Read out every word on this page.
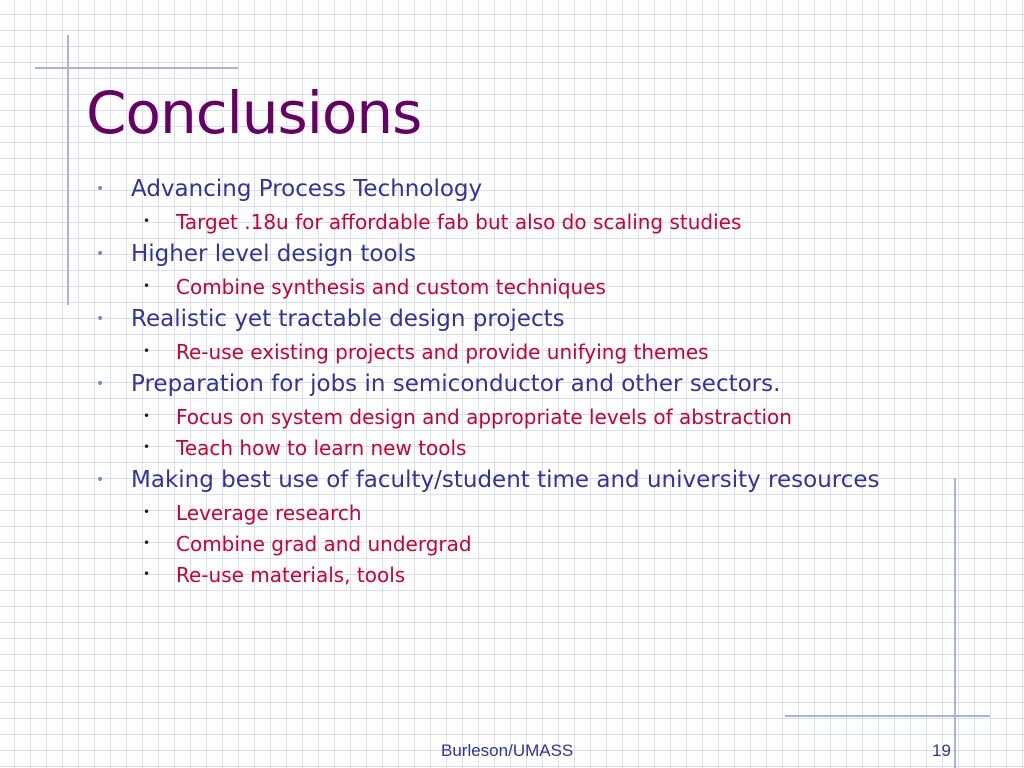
Conclusions
• Advancing Process Technology
• Target .18u for affordable fab but also do scaling studies
• Higher level design tools
• Combine synthesis and custom techniques
• Realistic yet tractable design projects
• Re-use existing projects and provide unifying themes
• Preparation for jobs in semiconductor and other sectors.
• Focus on system design and appropriate levels of abstraction
• Teach how to learn new tools
• Making best use of faculty/student time and university resources
• Leverage research
• Combine grad and undergrad
• Re-use materials, tools
Burleson/UMASS	19
